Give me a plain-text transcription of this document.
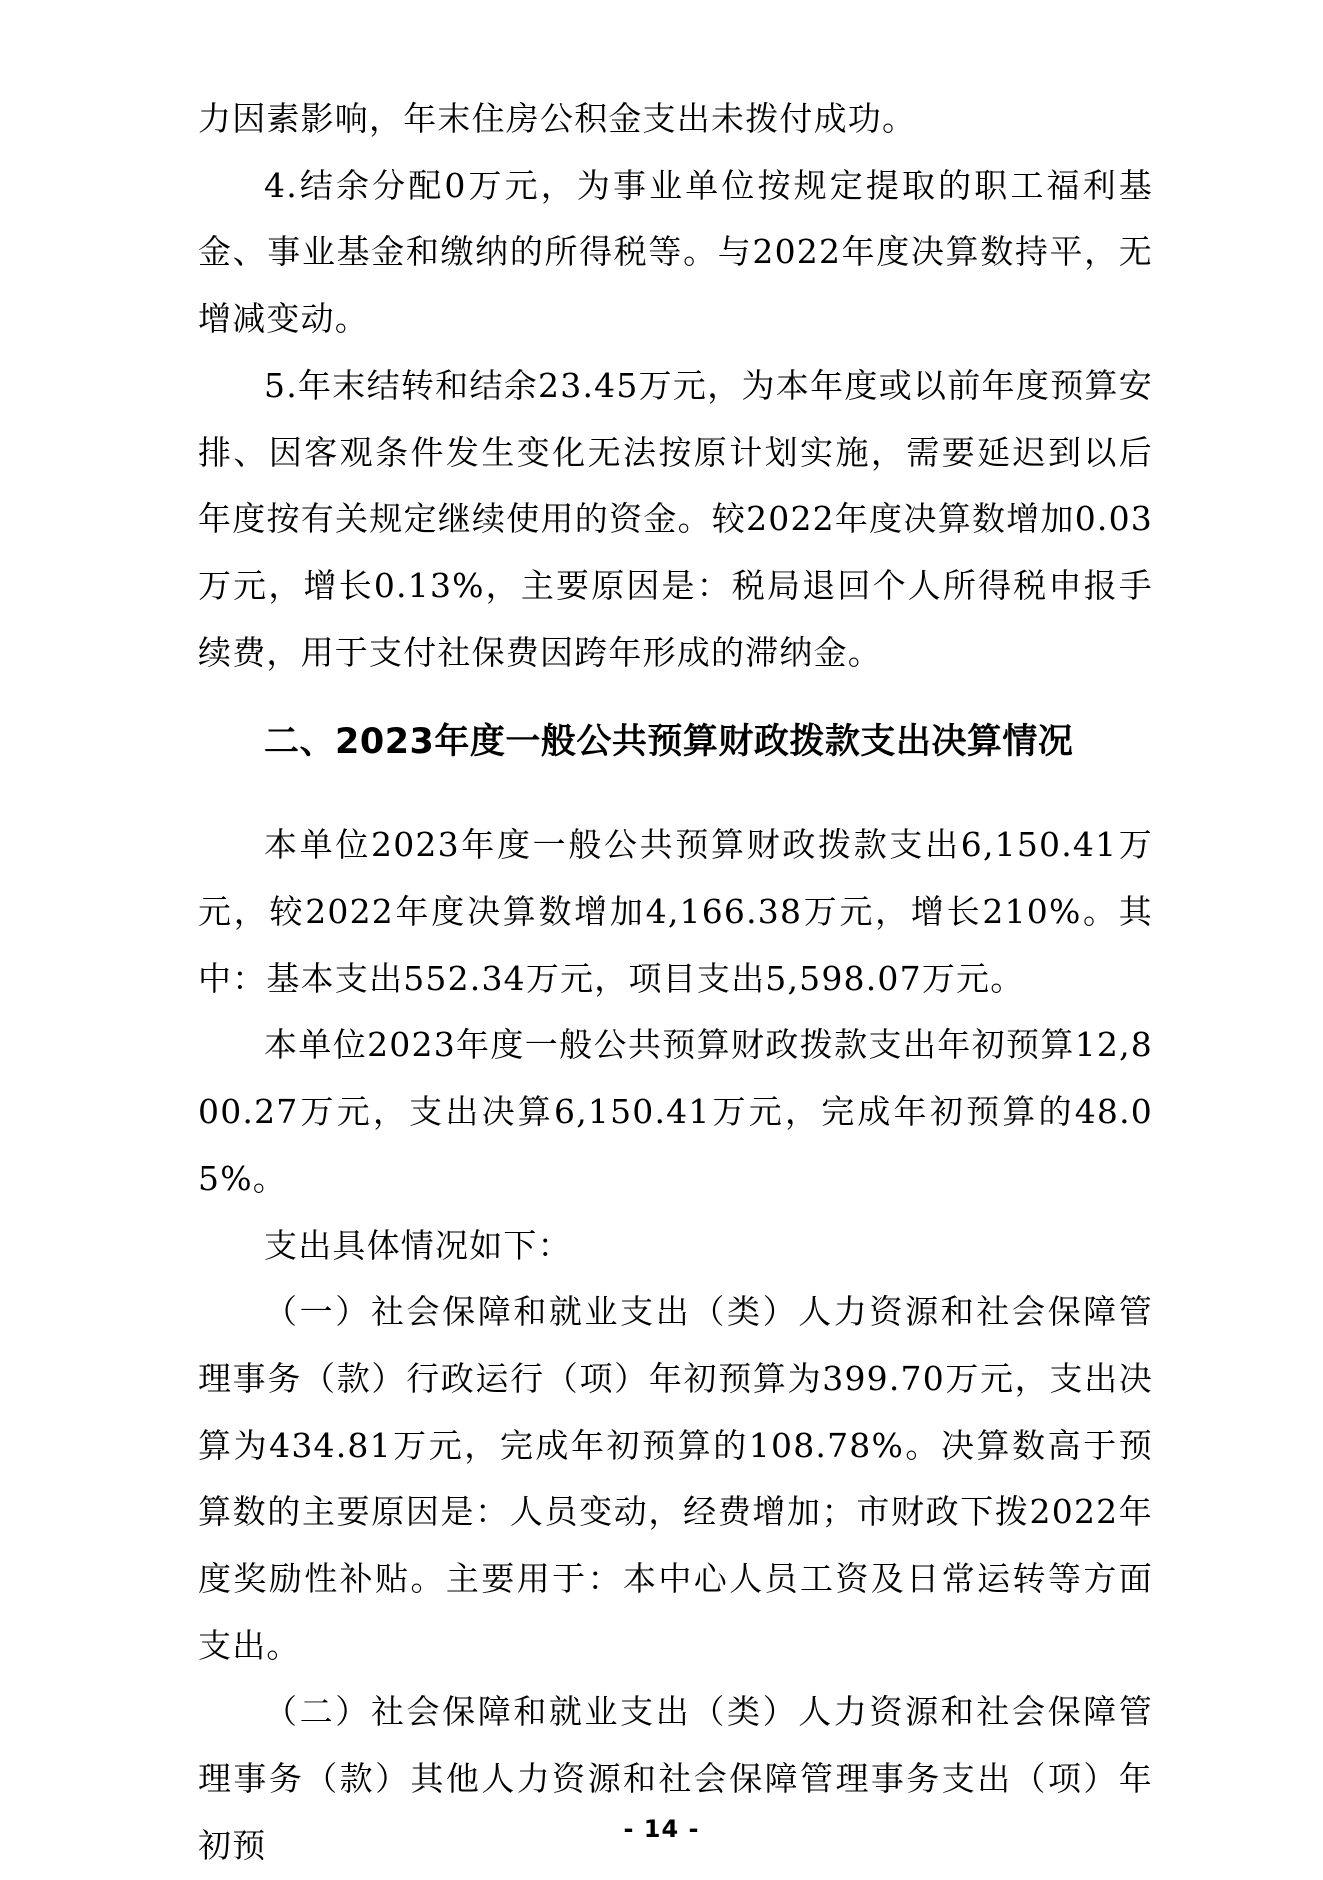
力因素影响，年末住房公积金支出未拨付成功。

4.结余分配0万元，为事业单位按规定提取的职工福利基金、事业基金和缴纳的所得税等。与2022年度决算数持平，无增减变动。

5.年末结转和结余23.45万元，为本年度或以前年度预算安排、因客观条件发生变化无法按原计划实施，需要延迟到以后年度按有关规定继续使用的资金。较2022年度决算数增加0.03万元，增长0.13%，主要原因是：税局退回个人所得税申报手续费，用于支付社保费因跨年形成的滞纳金。

二、2023年度一般公共预算财政拨款支出决算情况

本单位2023年度一般公共预算财政拨款支出6,150.41万元，较2022年度决算数增加4,166.38万元，增长210%。其中：基本支出552.34万元，项目支出5,598.07万元。

本单位2023年度一般公共预算财政拨款支出年初预算12,800.27万元，支出决算6,150.41万元，完成年初预算的48.05%。

支出具体情况如下：

（一）社会保障和就业支出（类）人力资源和社会保障管理事务（款）行政运行（项）年初预算为399.70万元，支出决算为434.81万元，完成年初预算的108.78%。决算数高于预算数的主要原因是：人员变动，经费增加；市财政下拨2022年度奖励性补贴。主要用于：本中心人员工资及日常运转等方面支出。

（二）社会保障和就业支出（类）人力资源和社会保障管理事务（款）其他人力资源和社会保障管理事务支出（项）年初预	- 14 -
